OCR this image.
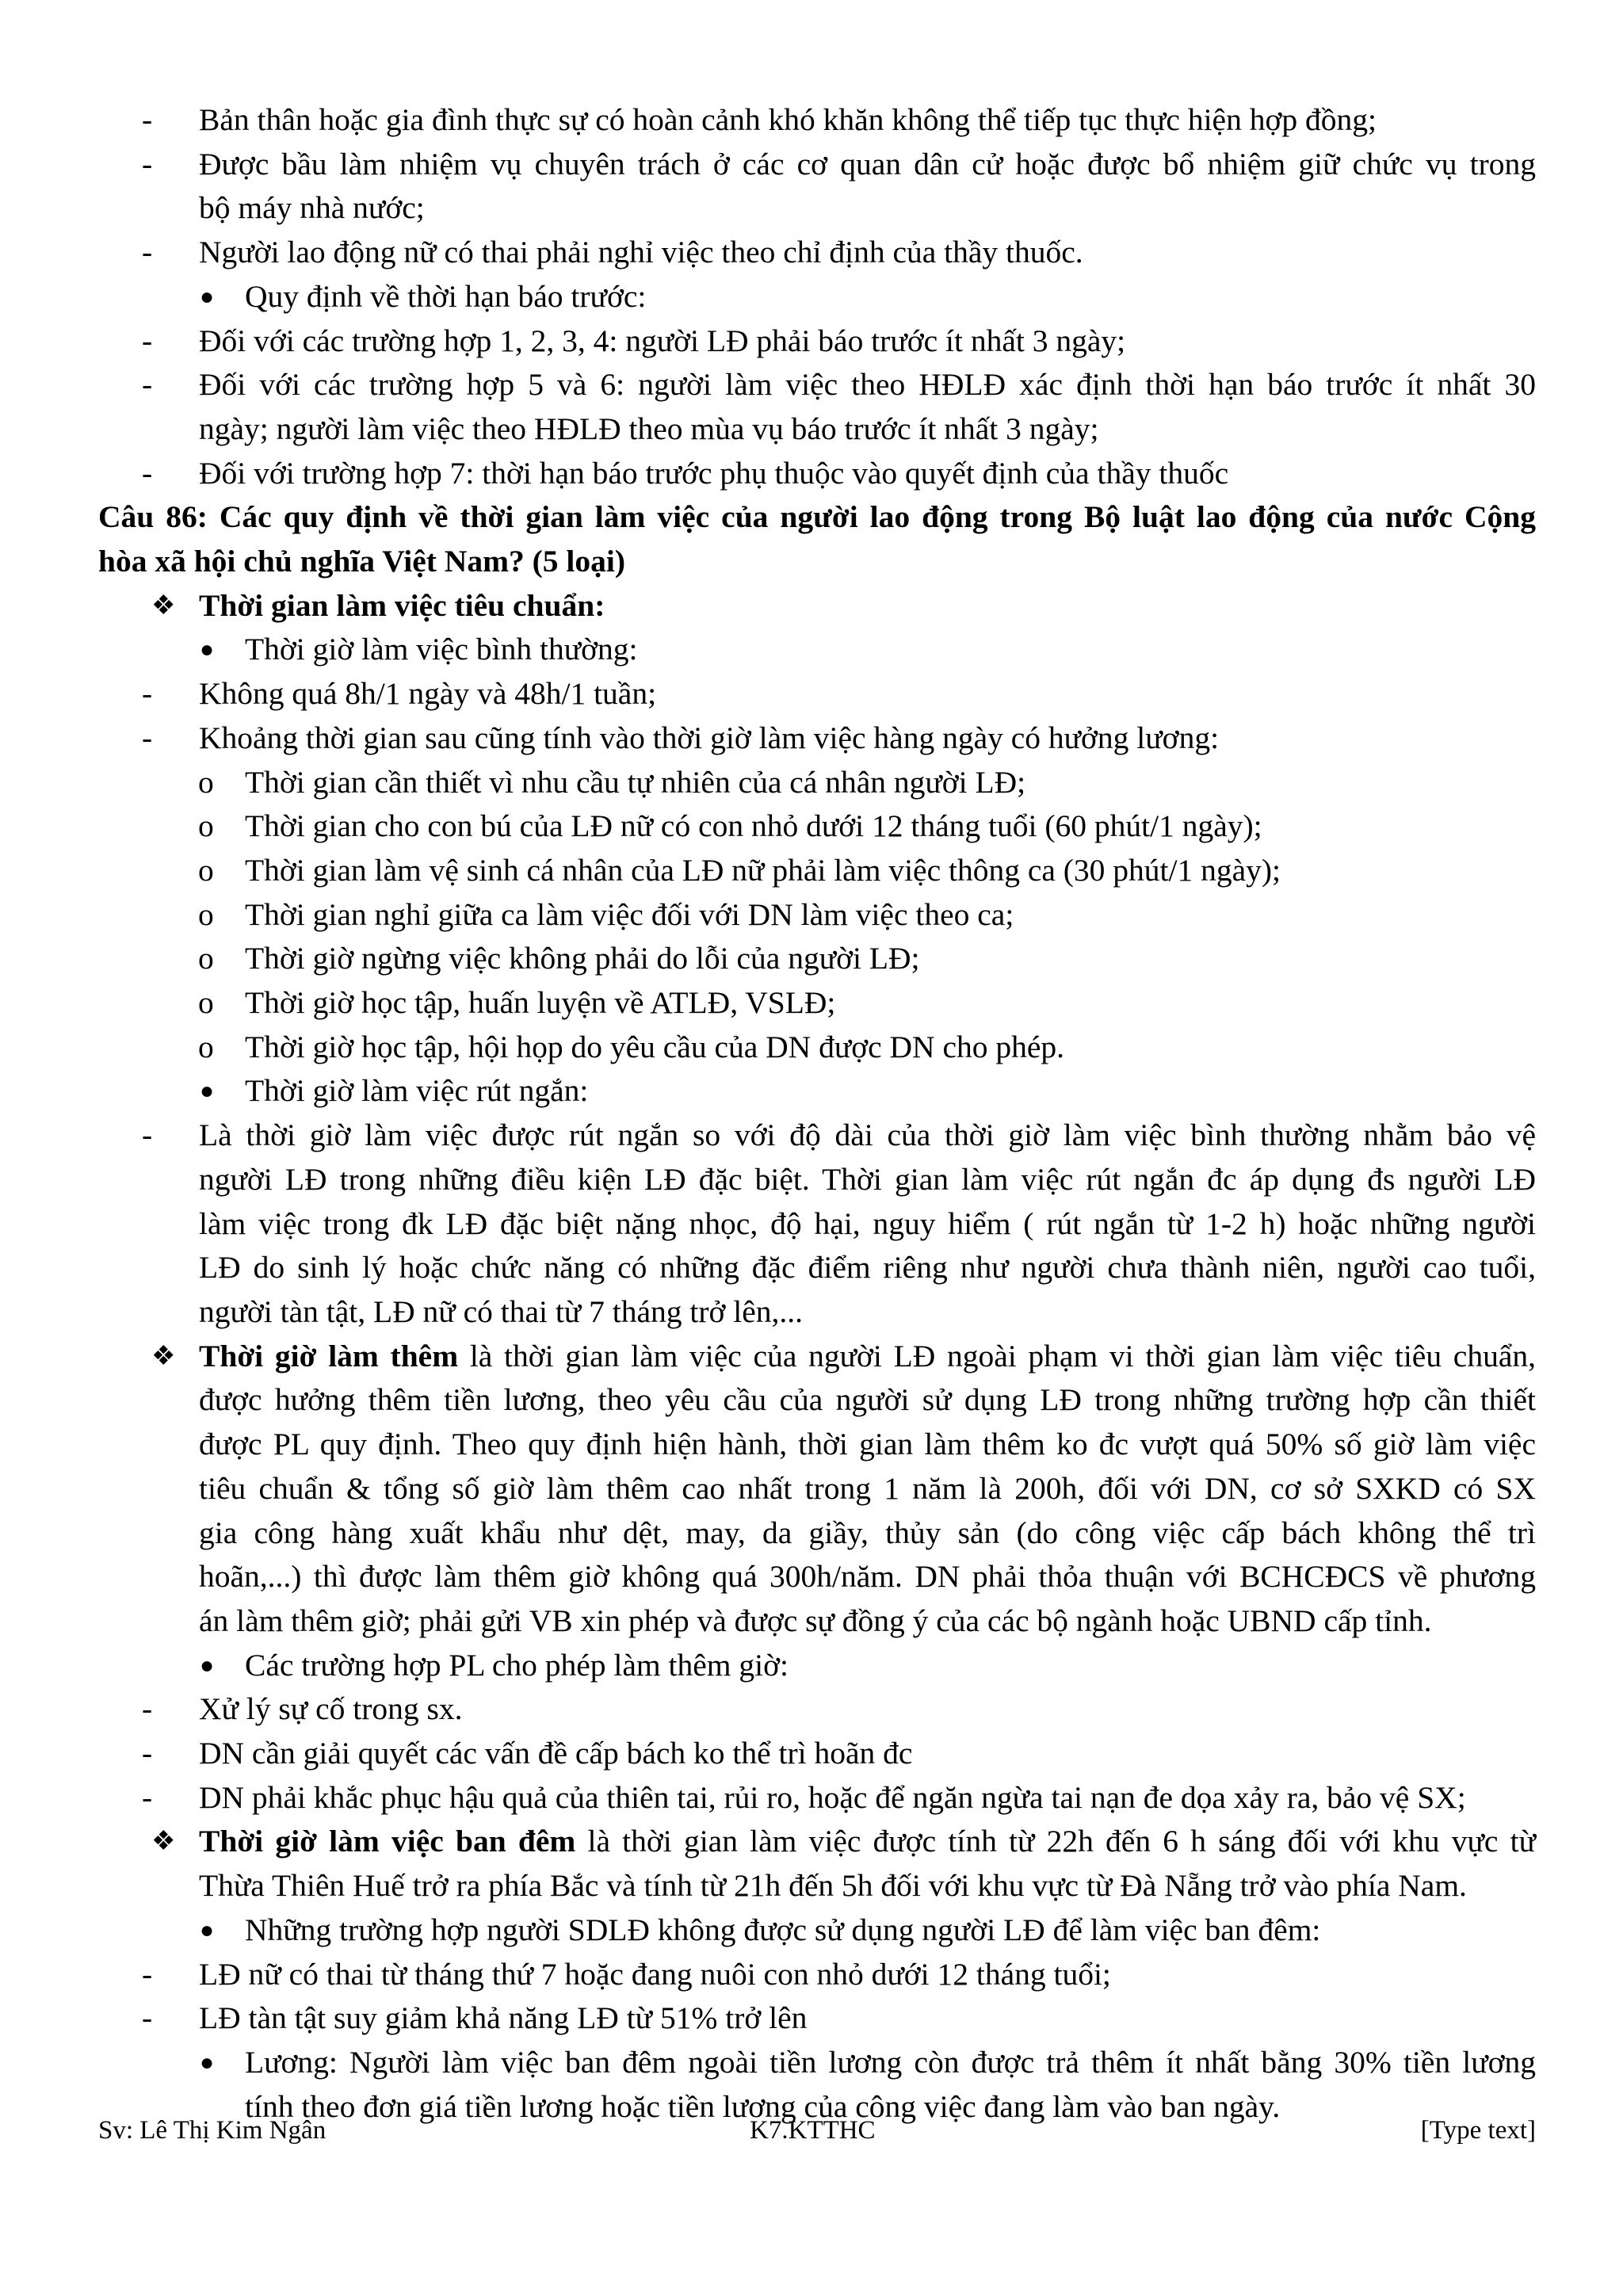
- Bản thân hoặc gia đình thực sự có hoàn cảnh khó khăn không thể tiếp tục thực hiện hợp đồng;
- Được bầu làm nhiệm vụ chuyên trách ở các cơ quan dân cử hoặc được bổ nhiệm giữ chức vụ trong
bộ máy nhà nước;
- Người lao động nữ có thai phải nghỉ việc theo chỉ định của thầy thuốc.
● Quy định về thời hạn báo trước:
- Đối với các trường hợp 1, 2, 3, 4: người LĐ phải báo trước ít nhất 3 ngày;
- Đối với các trường hợp 5 và 6: người làm việc theo HĐLĐ xác định thời hạn báo trước ít nhất 30
ngày; người làm việc theo HĐLĐ theo mùa vụ báo trước ít nhất 3 ngày;
- Đối với trường hợp 7: thời hạn báo trước phụ thuộc vào quyết định của thầy thuốc
Câu 86: Các quy định về thời gian làm việc của người lao động trong Bộ luật lao động của nước Cộng
hòa xã hội chủ nghĩa Việt Nam? (5 loại)
❖ Thời gian làm việc tiêu chuẩn:
● Thời giờ làm việc bình thường:
- Không quá 8h/1 ngày và 48h/1 tuần;
- Khoảng thời gian sau cũng tính vào thời giờ làm việc hàng ngày có hưởng lương:
o Thời gian cần thiết vì nhu cầu tự nhiên của cá nhân người LĐ;
o Thời gian cho con bú của LĐ nữ có con nhỏ dưới 12 tháng tuổi (60 phút/1 ngày);
o Thời gian làm vệ sinh cá nhân của LĐ nữ phải làm việc thông ca (30 phút/1 ngày);
o Thời gian nghỉ giữa ca làm việc đối với DN làm việc theo ca;
o Thời giờ ngừng việc không phải do lỗi của người LĐ;
o Thời giờ học tập, huấn luyện về ATLĐ, VSLĐ;
o Thời giờ học tập, hội họp do yêu cầu của DN được DN cho phép.
● Thời giờ làm việc rút ngắn:
- Là thời giờ làm việc được rút ngắn so với độ dài của thời giờ làm việc bình thường nhằm bảo vệ
người LĐ trong những điều kiện LĐ đặc biệt. Thời gian làm việc rút ngắn đc áp dụng đs người LĐ
làm việc trong đk LĐ đặc biệt nặng nhọc, độ hại, nguy hiểm ( rút ngắn từ 1-2 h) hoặc những người
LĐ do sinh lý hoặc chức năng có những đặc điểm riêng như người chưa thành niên, người cao tuổi,
người tàn tật, LĐ nữ có thai từ 7 tháng trở lên,...
❖ Thời giờ làm thêm là thời gian làm việc của người LĐ ngoài phạm vi thời gian làm việc tiêu chuẩn,
được hưởng thêm tiền lương, theo yêu cầu của người sử dụng LĐ trong những trường hợp cần thiết
được PL quy định. Theo quy định hiện hành, thời gian làm thêm ko đc vượt quá 50% số giờ làm việc
tiêu chuẩn & tổng số giờ làm thêm cao nhất trong 1 năm là 200h, đối với DN, cơ sở SXKD có SX
gia công hàng xuất khẩu như dệt, may, da giầy, thủy sản (do công việc cấp bách không thể trì
hoãn,...) thì được làm thêm giờ không quá 300h/năm. DN phải thỏa thuận với BCHCĐCS về phương
án làm thêm giờ; phải gửi VB xin phép và được sự đồng ý của các bộ ngành hoặc UBND cấp tỉnh.
● Các trường hợp PL cho phép làm thêm giờ:
- Xử lý sự cố trong sx.
- DN cần giải quyết các vấn đề cấp bách ko thể trì hoãn đc
- DN phải khắc phục hậu quả của thiên tai, rủi ro, hoặc để ngăn ngừa tai nạn đe dọa xảy ra, bảo vệ SX;
❖ Thời giờ làm việc ban đêm là thời gian làm việc được tính từ 22h đến 6 h sáng đối với khu vực từ
Thừa Thiên Huế trở ra phía Bắc và tính từ 21h đến 5h đối với khu vực từ Đà Nẵng trở vào phía Nam.
● Những trường hợp người SDLĐ không được sử dụng người LĐ để làm việc ban đêm:
- LĐ nữ có thai từ tháng thứ 7 hoặc đang nuôi con nhỏ dưới 12 tháng tuổi;
- LĐ tàn tật suy giảm khả năng LĐ từ 51% trở lên
● Lương: Người làm việc ban đêm ngoài tiền lương còn được trả thêm ít nhất bằng 30% tiền lương
tính theo đơn giá tiền lương hoặc tiền lương của công việc đang làm vào ban ngày.
Sv: Lê Thị Kim Ngân	K7.KTTHC	[Type text]
